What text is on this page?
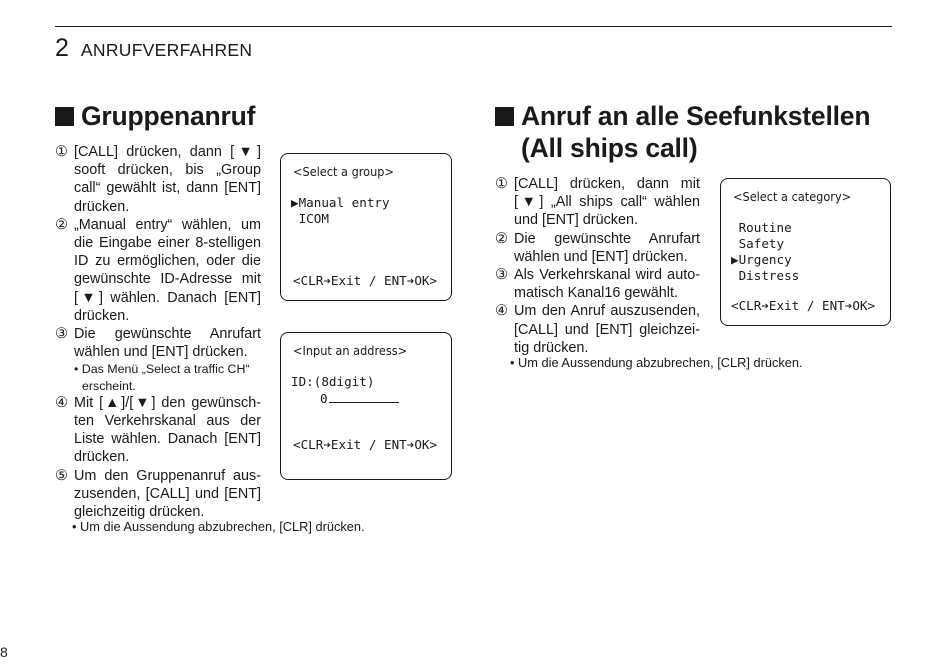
2 ANRUFVERFAHREN
Gruppenanruf
① [CALL] drücken, dann [▼] sooft drücken, bis „Group call“ gewählt ist, dann [ENT] drücken.
② „Manual entry“ wählen, um die Eingabe einer 8-stelligen ID zu ermöglichen, oder die gewünschte ID-Adresse mit [▼] wählen. Danach [ENT] drücken.
③ Die gewünschte Anrufart wählen und [ENT] drücken.
• Das Menü „Select a traffic CH“ erscheint.
④ Mit [▲]/[▼] den gewünschten Verkehrskanal aus der Liste wählen. Danach [ENT] drücken.
⑤ Um den Gruppenanruf auszusenden, [CALL] und [ENT] gleichzeitig drücken.
• Um die Aussendung abzubrechen, [CLR] drücken.
<Select a group>
▶Manual entry
ICOM
<CLR➔Exit / ENT➔OK>
<Input an address>
ID:(8digit)
0
<CLR➔Exit / ENT➔OK>
Anruf an alle Seefunkstellen
(All ships call)
① [CALL] drücken, dann mit [▼] „All ships call“ wählen und [ENT] drücken.
② Die gewünschte Anrufart wählen und [ENT] drücken.
③ Als Verkehrskanal wird automatisch Kanal16 gewählt.
④ Um den Anruf auszusenden, [CALL] und [ENT] gleichzeitig drücken.
• Um die Aussendung abzubrechen, [CLR] drücken.
<Select a category>
Routine
Safety
▶Urgency
Distress
<CLR➔Exit / ENT➔OK>
8
